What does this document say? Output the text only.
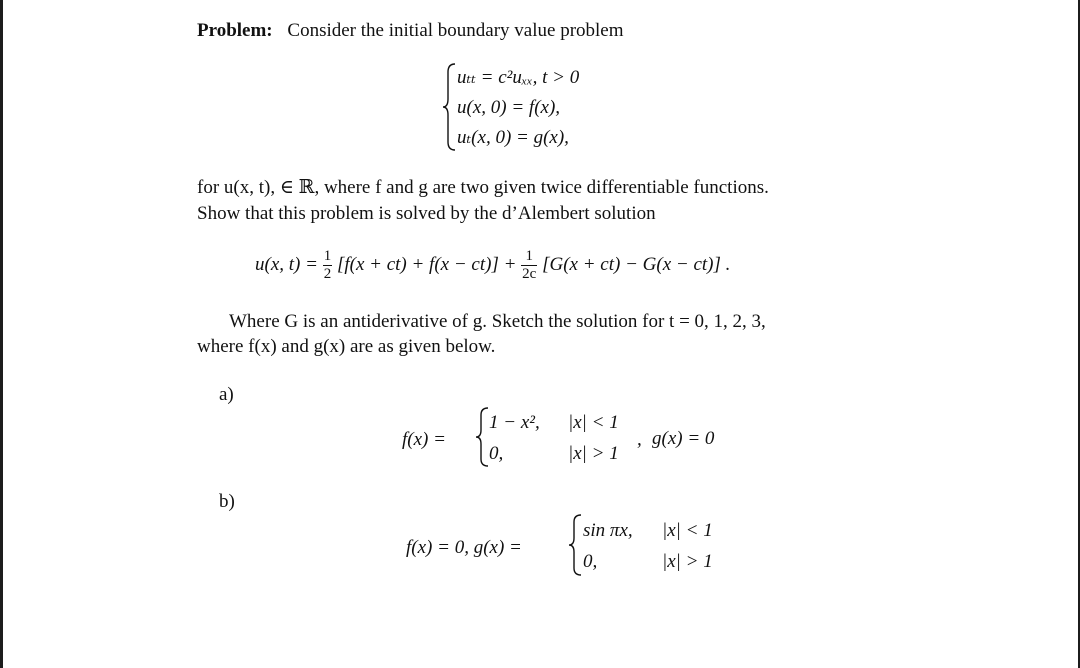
Problem: Consider the initial boundary value problem
uₜₜ = c²uₓₓ, t > 0
u(x, 0) = f(x),
uₜ(x, 0) = g(x),
for u(x, t), ∈ ℝ, where f and g are two given twice differentiable functions.
Show that this problem is solved by the d’Alembert solution
u(x, $t) = \frac{1}{2} [f(x + ct) + f(x - ct)] + \frac{1}{2c} [G(x + ct) - G(x - ct)]$ .
Where G is an antiderivative of g. Sketch the solution for t = 0, 1, 2, 3,
where f(x) and g(x) are as given below.
a)
f(x) =
1 − x², |x| < 1
0,	|x| > 1
, g(x) = 0
b)
f(x) = 0, g(x) =
sin πx, |x| < 1
0,	|x| > 1
